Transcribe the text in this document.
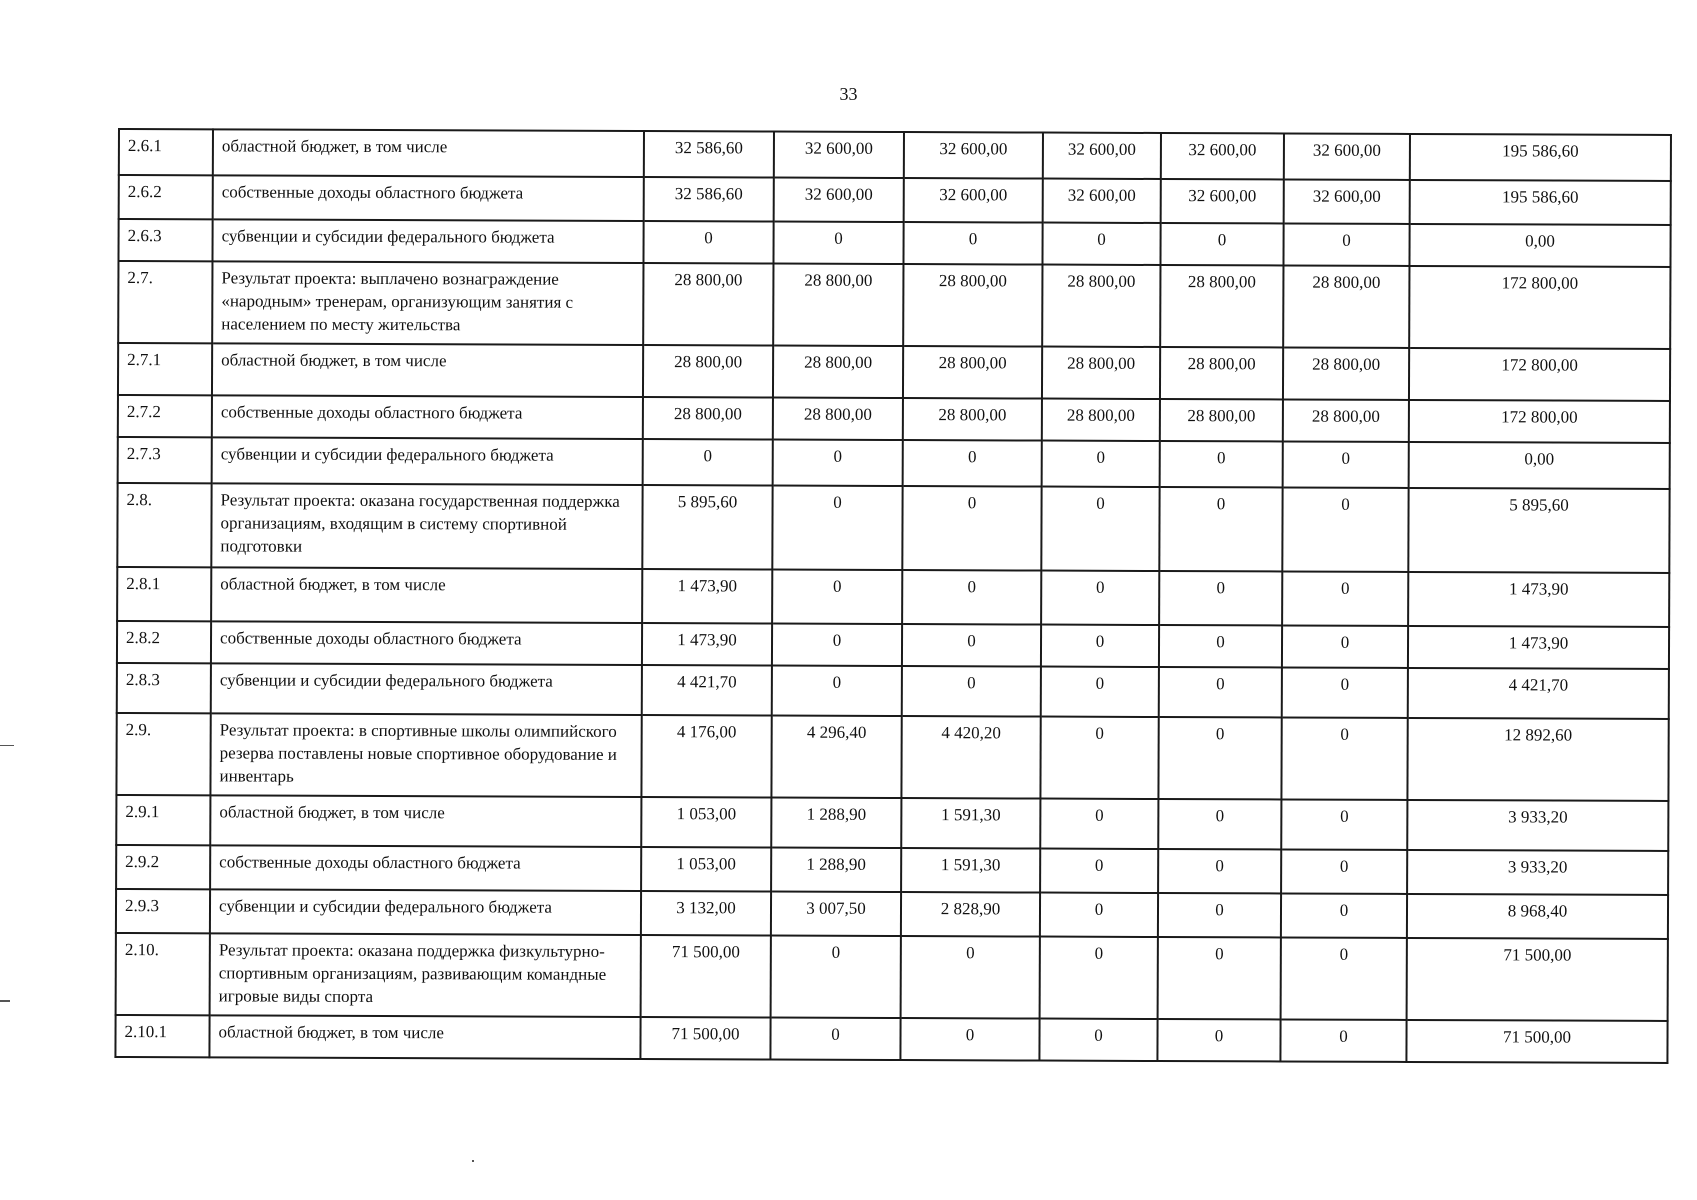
33
2.6.1	областной бюджет, в том числе	32 586,60	32 600,00	32 600,00	32 600,00	32 600,00	32 600,00	195 586,60
2.6.2	собственные доходы областного бюджета	32 586,60	32 600,00	32 600,00	32 600,00	32 600,00	32 600,00	195 586,60
2.6.3	субвенции и субсидии федерального бюджета	0	0	0	0	0	0	0,00
2.7.	Результат проекта: выплачено вознаграждение «народным» тренерам, организующим занятия с населением по месту жительства	28 800,00	28 800,00	28 800,00	28 800,00	28 800,00	28 800,00	172 800,00
2.7.1	областной бюджет, в том числе	28 800,00	28 800,00	28 800,00	28 800,00	28 800,00	28 800,00	172 800,00
2.7.2	собственные доходы областного бюджета	28 800,00	28 800,00	28 800,00	28 800,00	28 800,00	28 800,00	172 800,00
2.7.3	субвенции и субсидии федерального бюджета	0	0	0	0	0	0	0,00
2.8.	Результат проекта: оказана государственная поддержка организациям, входящим в систему спортивной подготовки	5 895,60	0	0	0	0	0	5 895,60
2.8.1	областной бюджет, в том числе	1 473,90	0	0	0	0	0	1 473,90
2.8.2	собственные доходы областного бюджета	1 473,90	0	0	0	0	0	1 473,90
2.8.3	субвенции и субсидии федерального бюджета	4 421,70	0	0	0	0	0	4 421,70
2.9.	Результат проекта: в спортивные школы олимпийского резерва поставлены новые спортивное оборудование и инвентарь	4 176,00	4 296,40	4 420,20	0	0	0	12 892,60
2.9.1	областной бюджет, в том числе	1 053,00	1 288,90	1 591,30	0	0	0	3 933,20
2.9.2	собственные доходы областного бюджета	1 053,00	1 288,90	1 591,30	0	0	0	3 933,20
2.9.3	субвенции и субсидии федерального бюджета	3 132,00	3 007,50	2 828,90	0	0	0	8 968,40
2.10.	Результат проекта: оказана поддержка физкультурно-спортивным организациям, развивающим командные игровые виды спорта	71 500,00	0	0	0	0	0	71 500,00
2.10.1	областной бюджет, в том числе	71 500,00	0	0	0	0	0	71 500,00
